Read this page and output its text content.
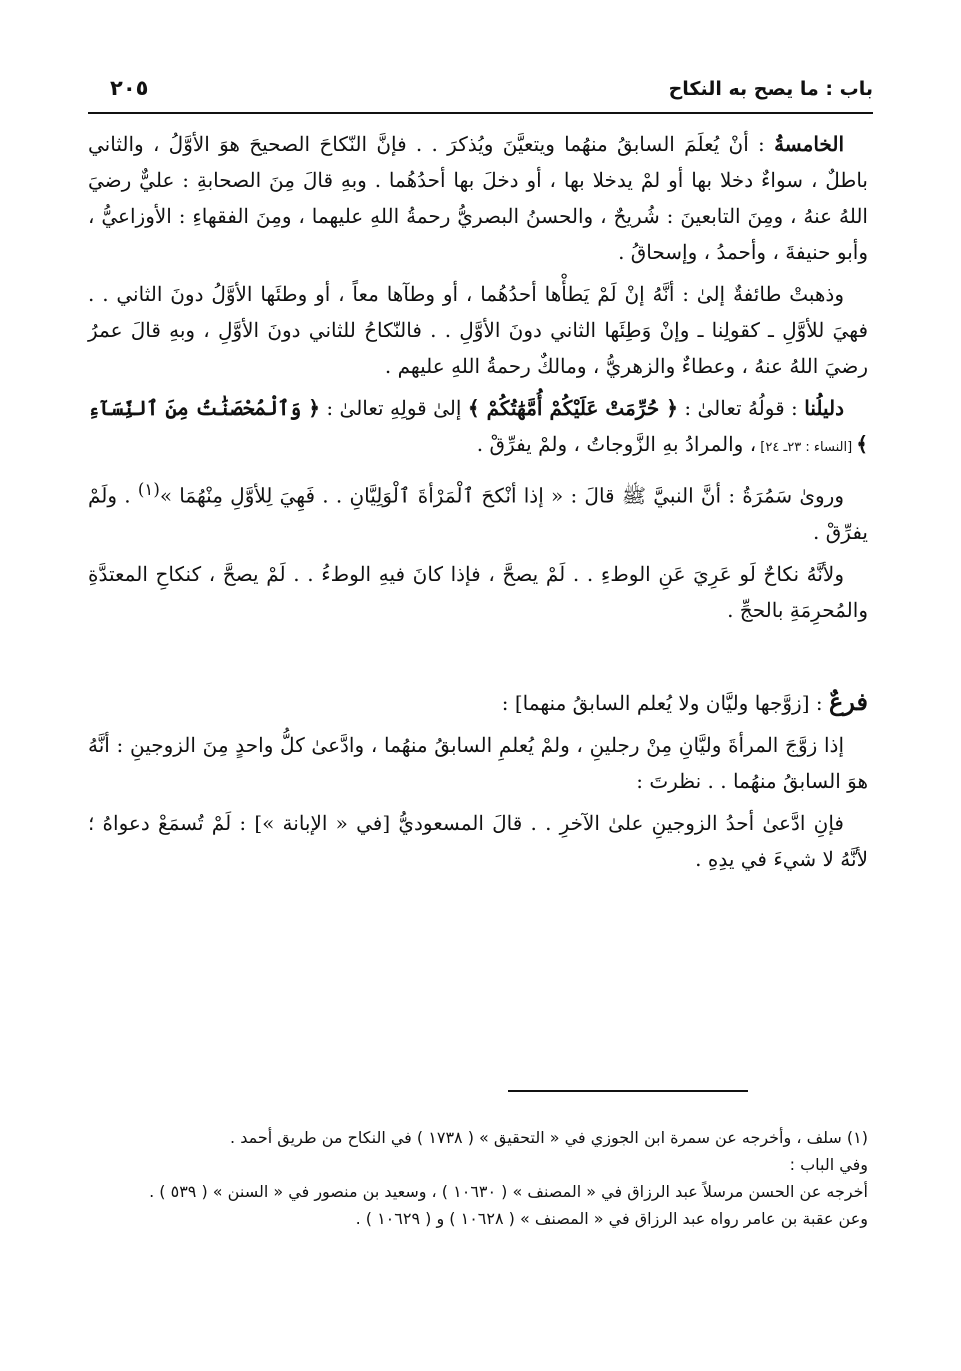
باب : ما يصح به النكاح
٢٠٥

الخامسةُ : أنْ يُعلَمَ السابقُ منهُما ويتعيَّنَ ويُذكرَ . . فإنَّ النّكاحَ الصحيحَ هوَ الأوَّلُ ، والثاني باطلٌ ، سواءٌ دخلا بها أو لمْ يدخلا بها ، أو دخلَ بها أحدُهُما . وبهِ قالَ مِنَ الصحابةِ : عليٌّ رضيَ اللهُ عنهُ ، ومِنَ التابعينَ : شُريحٌ ، والحسنُ البصريُّ رحمةُ اللهِ عليهما ، ومِنَ الفقهاءِ : الأوزاعيُّ ، وأبو حنيفةَ ، وأحمدُ ، وإسحاقُ .

وذهبتْ طائفةٌ إلىٰ : أنَّهُ إنْ لَمْ يَطأْها أحدُهُما ، أو وطآها معاً ، أو وطئَها الأوَّلُ دونَ الثاني . . فهيَ للأوَّلِ ـ كقولِنا ـ وإنْ وَطِئَها الثاني دونَ الأوَّلِ . . فالنّكاحُ للثاني دونَ الأوَّلِ ، وبهِ قالَ عمرُ رضيَ اللهُ عنهُ ، وعطاءٌ والزهريُّ ، ومالكٌ رحمةُ اللهِ عليهم .

دليلُنا : قولُهُ تعالىٰ : ﴿ حُرِّمَتْ عَلَيْكُمْ أُمَّهَٰتُكُمْ ﴾ إلىٰ قولِهِ تعالىٰ : ﴿ وَٱلْمُحْصَنَٰتُ مِنَ ٱلنِّسَآءِ ﴾ [النساء : ٢٣ـ ٢٤] ، والمرادُ بهِ الزَّوجاتُ ، ولمْ يفرِّقْ .

وروىٰ سَمُرَةُ : أنَّ النبيَّ ﷺ قالَ : « إذا أنْكحَ ٱلْمَرْأةَ ٱلْوَلِيَّانِ . . فَهِيَ لِلأوَّلِ مِنْهُمَا »$^{(١)}$ . ولَمْ يفرِّقْ .

ولأنَّهُ نكاحٌ لَو عَرِيَ عَنِ الوطءِ . . لَمْ يصحَّ ، فإذا كانَ فيهِ الوطءُ . . لَمْ يصحَّ ، كنكاحِ المعتدَّةِ والمُحرِمَةِ بالحجِّ .

فرعٌ : [زوَّجها وليَّان ولا يُعلم السابقُ منهما] :

إذا زوَّجَ المرأةَ وليَّانِ مِنْ رجلينِ ، ولمْ يُعلمِ السابقُ منهُما ، وادَّعىٰ كلُّ واحدٍ مِنَ الزوجينِ : أنَّهُ هوَ السابقُ منهُما . . نظرتَ :

فإنِ ادَّعىٰ أحدُ الزوجينِ علىٰ الآخرِ . . قالَ المسعوديُّ [في « الإبانة »] : لَمْ تُسمَعْ دعواهُ ؛ لأنَّهُ لا شيءَ في يدِهِ .

(١) سلف ، وأخرجه عن سمرة ابن الجوزي في « التحقيق » ( ١٧٣٨ ) في النكاح من طريق أحمد .

وفي الباب :

أخرجه عن الحسن مرسلاً عبد الرزاق في « المصنف » ( ١٠٦٣٠ ) ، وسعيد بن منصور في « السنن » ( ٥٣٩ ) .

وعن عقبة بن عامر رواه عبد الرزاق في « المصنف » ( ١٠٦٢٨ ) و ( ١٠٦٢٩ ) .
